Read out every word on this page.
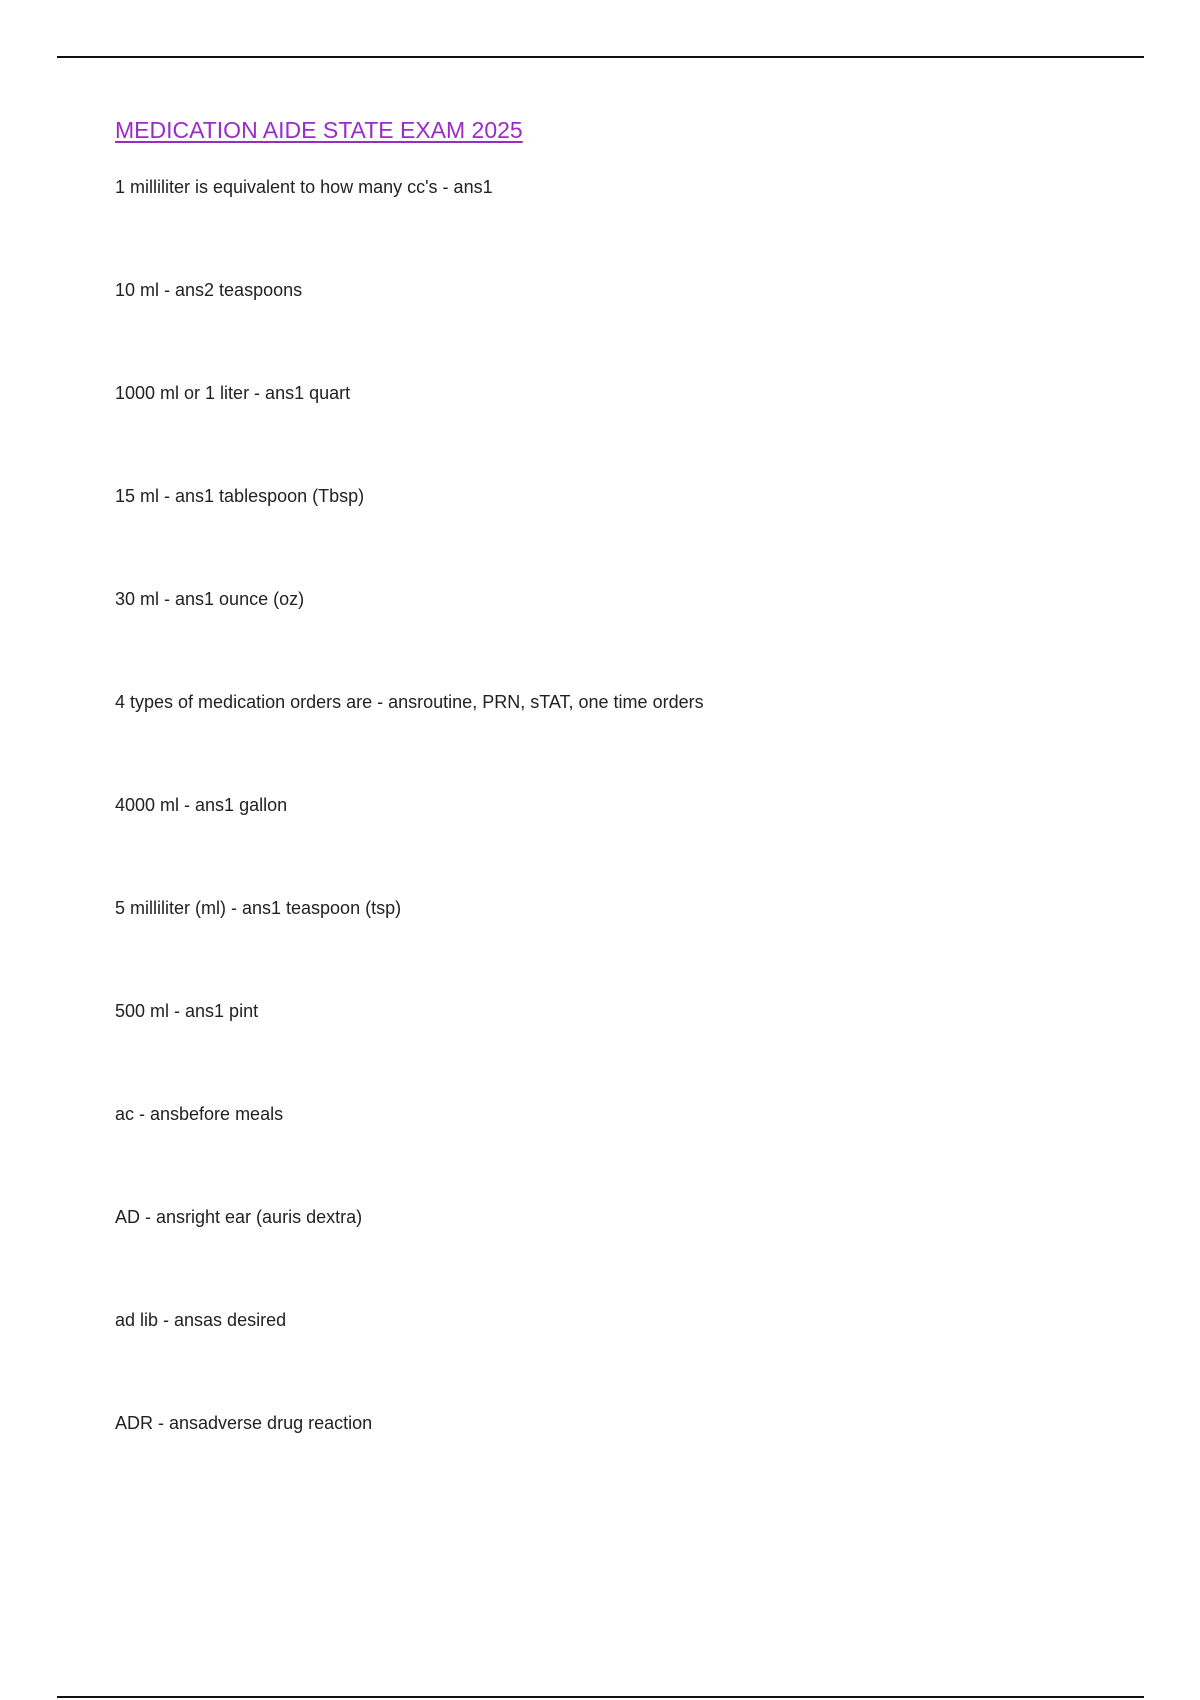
MEDICATION AIDE STATE EXAM 2025
1 milliliter is equivalent to how many cc's - ans1
10 ml - ans2 teaspoons
1000 ml or 1 liter - ans1 quart
15 ml - ans1 tablespoon (Tbsp)
30 ml - ans1 ounce (oz)
4 types of medication orders are - ansroutine, PRN, sTAT, one time orders
4000 ml - ans1 gallon
5 milliliter (ml) - ans1 teaspoon (tsp)
500 ml - ans1 pint
ac - ansbefore meals
AD - ansright ear (auris dextra)
ad lib - ansas desired
ADR - ansadverse drug reaction
